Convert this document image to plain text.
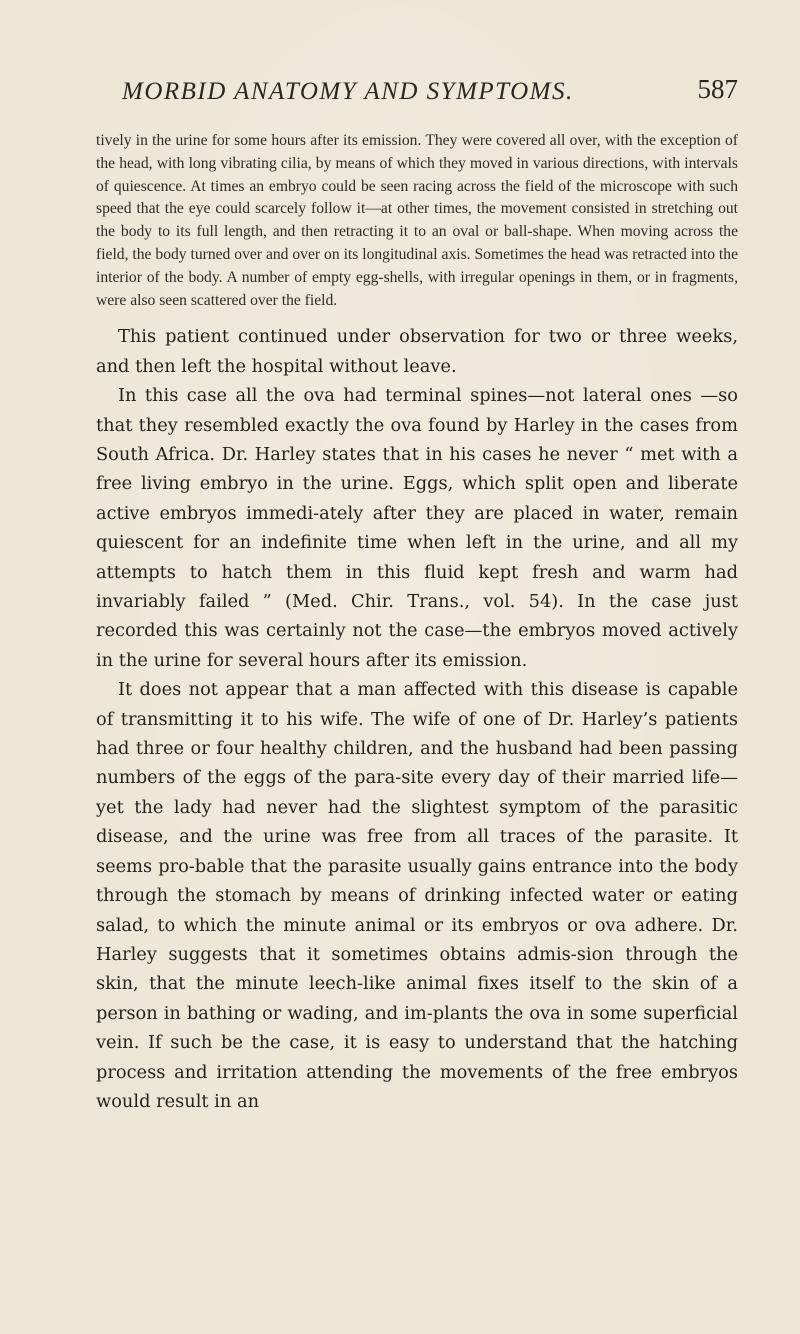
MORBID ANATOMY AND SYMPTOMS.	587

tively in the urine for some hours after its emission. They were covered all over, with the exception of the head, with long vibrating cilia, by means of which they moved in various directions, with intervals of quiescence. At times an embryo could be seen racing across the field of the microscope with such speed that the eye could scarcely follow it—at other times, the movement consisted in stretching out the body to its full length, and then retracting it to an oval or ball-shape. When moving across the field, the body turned over and over on its longitudinal axis. Sometimes the head was retracted into the interior of the body. A number of empty egg-shells, with irregular openings in them, or in fragments, were also seen scattered over the field.

This patient continued under observation for two or three weeks, and then left the hospital without leave.

In this case all the ova had terminal spines—not lateral ones —so that they resembled exactly the ova found by Harley in the cases from South Africa. Dr. Harley states that in his cases he never “ met with a free living embryo in the urine. Eggs, which split open and liberate active embryos immedi-ately after they are placed in water, remain quiescent for an indefinite time when left in the urine, and all my attempts to hatch them in this fluid kept fresh and warm had invariably failed ” (Med. Chir. Trans., vol. 54). In the case just recorded this was certainly not the case—the embryos moved actively in the urine for several hours after its emission.

It does not appear that a man affected with this disease is capable of transmitting it to his wife. The wife of one of Dr. Harley’s patients had three or four healthy children, and the husband had been passing numbers of the eggs of the para-site every day of their married life—yet the lady had never had the slightest symptom of the parasitic disease, and the urine was free from all traces of the parasite. It seems pro-bable that the parasite usually gains entrance into the body through the stomach by means of drinking infected water or eating salad, to which the minute animal or its embryos or ova adhere. Dr. Harley suggests that it sometimes obtains admis-sion through the skin, that the minute leech-like animal fixes itself to the skin of a person in bathing or wading, and im-plants the ova in some superficial vein. If such be the case, it is easy to understand that the hatching process and irritation attending the movements of the free embryos would result in an
